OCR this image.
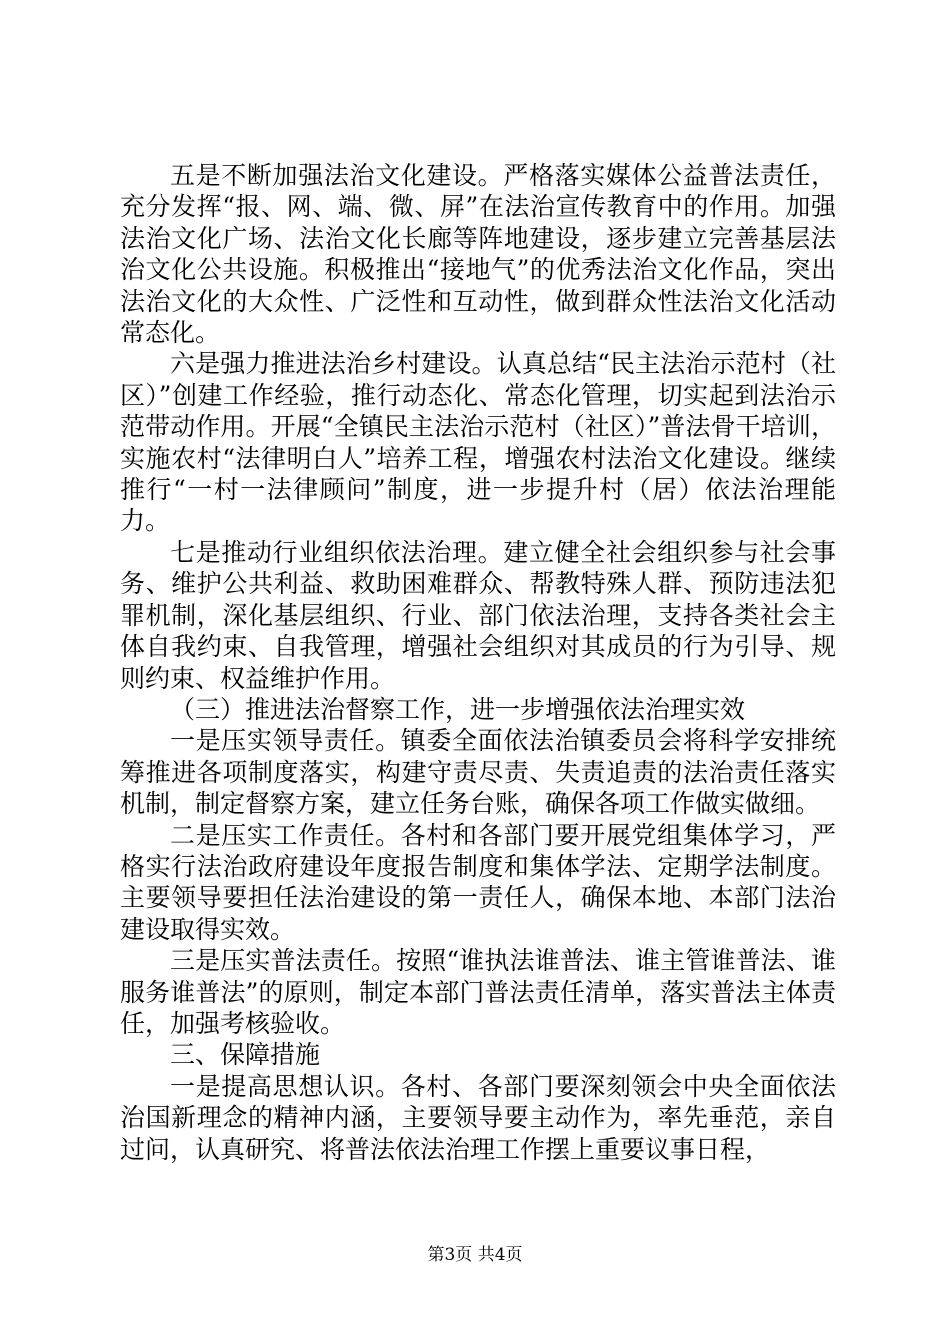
五是不断加强法治文化建设。严格落实媒体公益普法责任，充分发挥“报、网、端、微、屏”在法治宣传教育中的作用。加强法治文化广场、法治文化长廊等阵地建设，逐步建立完善基层法治文化公共设施。积极推出“接地气”的优秀法治文化作品，突出法治文化的大众性、广泛性和互动性，做到群众性法治文化活动常态化。

六是强力推进法治乡村建设。认真总结“民主法治示范村（社区）”创建工作经验，推行动态化、常态化管理，切实起到法治示范带动作用。开展“全镇民主法治示范村（社区）”普法骨干培训，实施农村“法律明白人”培养工程，增强农村法治文化建设。继续推行“一村一法律顾问”制度，进一步提升村（居）依法治理能力。

七是推动行业组织依法治理。建立健全社会组织参与社会事务、维护公共利益、救助困难群众、帮教特殊人群、预防违法犯罪机制，深化基层组织、行业、部门依法治理，支持各类社会主体自我约束、自我管理，增强社会组织对其成员的行为引导、规则约束、权益维护作用。

（三）推进法治督察工作，进一步增强依法治理实效

一是压实领导责任。镇委全面依法治镇委员会将科学安排统筹推进各项制度落实，构建守责尽责、失责追责的法治责任落实机制，制定督察方案，建立任务台账，确保各项工作做实做细。

二是压实工作责任。各村和各部门要开展党组集体学习，严格实行法治政府建设年度报告制度和集体学法、定期学法制度。主要领导要担任法治建设的第一责任人，确保本地、本部门法治建设取得实效。

三是压实普法责任。按照“谁执法谁普法、谁主管谁普法、谁服务谁普法”的原则，制定本部门普法责任清单，落实普法主体责任，加强考核验收。

三、保障措施

一是提高思想认识。各村、各部门要深刻领会中央全面依法治国新理念的精神内涵，主要领导要主动作为，率先垂范，亲自过问，认真研究、将普法依法治理工作摆上重要议事日程，

第3页 共4页
